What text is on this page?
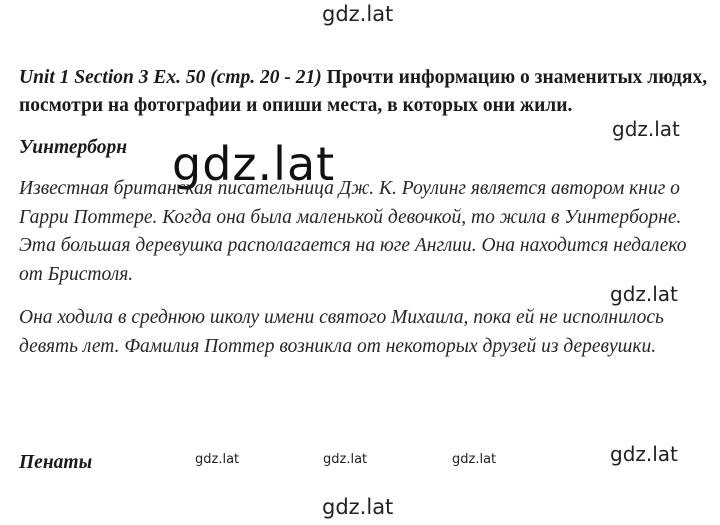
gdz.lat
gdz.lat
gdz.lat
gdz.lat
gdz.lat
gdz.lat	gdz.lat	gdz.lat
gdz.lat

Unit 1 Section 3 Ex. 50 (стр. 20 - 21) Прочти информацию о знаменитых людях, посмотри на фотографии и опиши места, в которых они жили.

Уинтерборн

Известная британская писательница Дж. К. Роулинг является автором книг о Гарри Поттере. Когда она была маленькой девочкой, то жила в Уинтерборне. Эта большая деревушка располагается на юге Англии. Она находится недалеко от Бристоля.

Она ходила в среднюю школу имени святого Михаила, пока ей не исполнилось девять лет. Фамилия Поттер возникла от некоторых друзей из деревушки.

Пенаты
